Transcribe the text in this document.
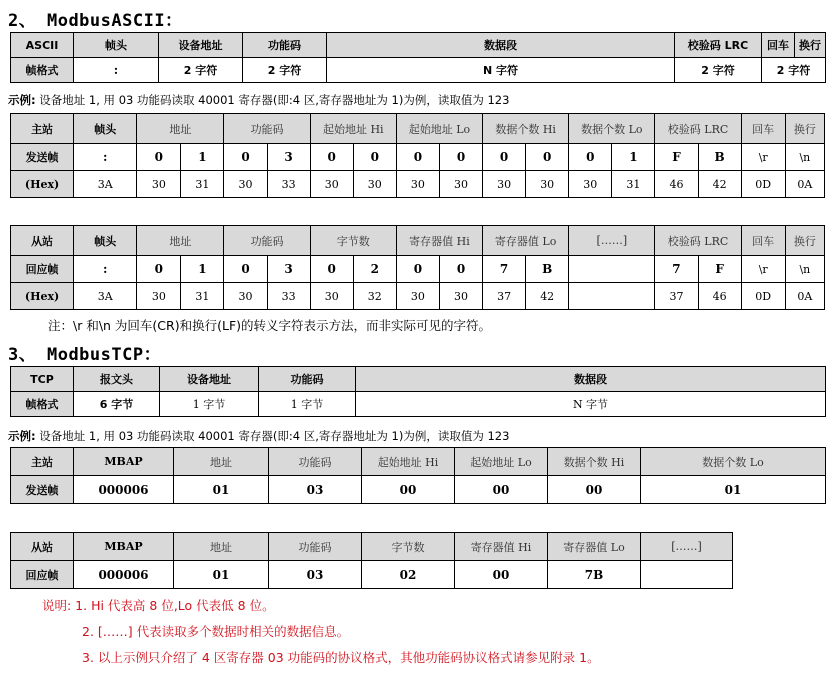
2、 ModbusASCII：
ASCII	帧头	设备地址	功能码	数据段	校验码 LRC	回车	换行
帧格式	:	2 字符	2 字符	N 字符	2 字符	2 字符	
示例: 设备地址 1, 用 03 功能码读取 40001 寄存器(即:4 区,寄存器地址为 1)为例，读取值为 123
主站	帧头	地址		功能码		起始地址 Hi		起始地址 Lo		数据个数 Hi		数据个数 Lo		校验码 LRC		回车	换行
发送帧	:	0	1	0	3	0	0	0	0	0	0	0	1	F	B	\r	\n
(Hex)	3A	30	31	30	33	30	30	30	30	30	30	30	31	46	42	0D	0A
从站	帧头	地址		功能码		字节数		寄存器值 Hi		寄存器值 Lo		[……]	校验码 LRC		回车	换行
回应帧	:	0	1	0	3	0	2	0	0	7	B		7	F	\r	\n
(Hex)	3A	30	31	30	33	30	32	30	30	37	42		37	46	0D	0A
注：\r 和\n 为回车(CR)和换行(LF)的转义字符表示方法，而非实际可见的字符。
3、 ModbusTCP：
TCP	报文头	设备地址	功能码	数据段
帧格式	6 字节	1 字节	1 字节	N 字节
示例: 设备地址 1, 用 03 功能码读取 40001 寄存器(即:4 区,寄存器地址为 1)为例，读取值为 123
主站	MBAP	地址	功能码	起始地址 Hi	起始地址 Lo	数据个数 Hi	数据个数 Lo
发送帧	000006	01	03	00	00	00	01
从站	MBAP	地址	功能码	字节数	寄存器值 Hi	寄存器值 Lo	[……]	
回应帧	000006	01	03	02	00	7B		
说明: 1. Hi 代表高 8 位,Lo 代表低 8 位。
2. [……] 代表读取多个数据时相关的数据信息。
3. 以上示例只介绍了 4 区寄存器 03 功能码的协议格式，其他功能码协议格式请参见附录 1。
